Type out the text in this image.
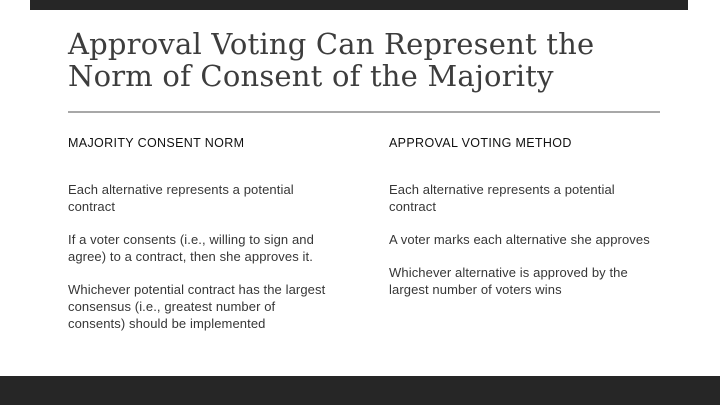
Approval Voting Can Represent the
Norm of Consent of the Majority
MAJORITY CONSENT NORM
Each alternative represents a potential
contract
If a voter consents (i.e., willing to sign and
agree) to a contract, then she approves it.
Whichever potential contract has the largest
consensus (i.e., greatest number of
consents) should be implemented
APPROVAL VOTING METHOD
Each alternative represents a potential
contract
A voter marks each alternative she approves
Whichever alternative is approved by the
largest number of voters wins
